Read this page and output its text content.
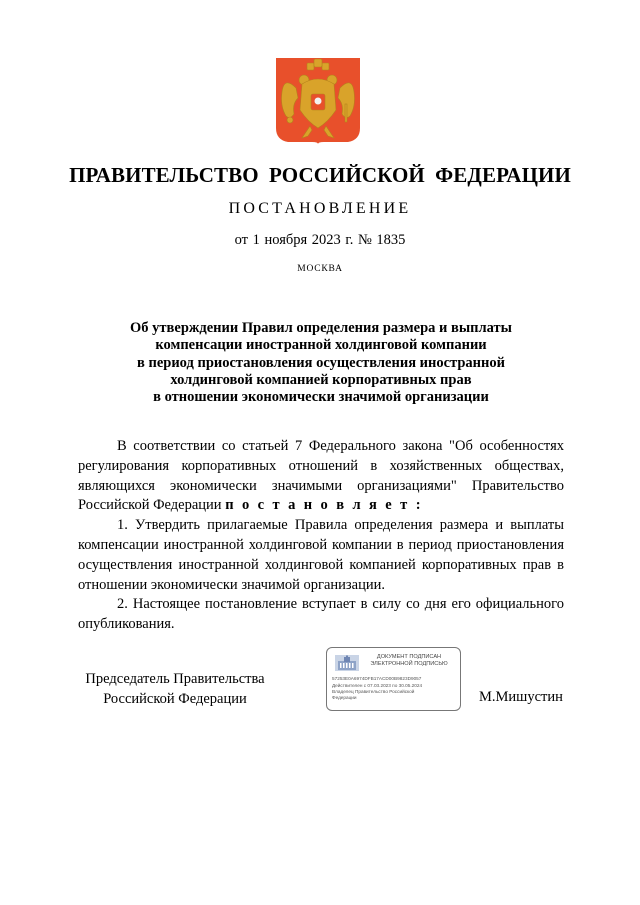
ПРАВИТЕЛЬСТВО РОССИЙСКОЙ ФЕДЕРАЦИИ
ПОСТАНОВЛЕНИЕ
от 1 ноября 2023 г. № 1835
МОСКВА
Об утверждении Правил определения размера и выплаты
компенсации иностранной холдинговой компании
в период приостановления осуществления иностранной
холдинговой компанией корпоративных прав
в отношении экономически значимой организации

В соответствии со статьей 7 Федерального закона "Об особенностях регулирования корпоративных отношений в хозяйственных обществах, являющихся экономически значимыми организациями" Правительство Российской Федерации п о с т а н о в л я е т :

1. Утвердить прилагаемые Правила определения размера и выплаты компенсации иностранной холдинговой компании в период приостановления осуществления иностранной холдинговой компанией корпоративных прав в отношении экономически значимой организации.

2. Настоящее постановление вступает в силу со дня его официального опубликования.

Председатель Правительства
Российской Федерации
ДОКУМЕНТ ПОДПИСАН
ЭЛЕКТРОННОЙ ПОДПИСЬЮ
57253E0A6974DFB17ACD00B9823D9057
Действителен с 07.03.2023 по 30.05.2024
Владелец Правительство Российской
Федерации	М.Мишустин
